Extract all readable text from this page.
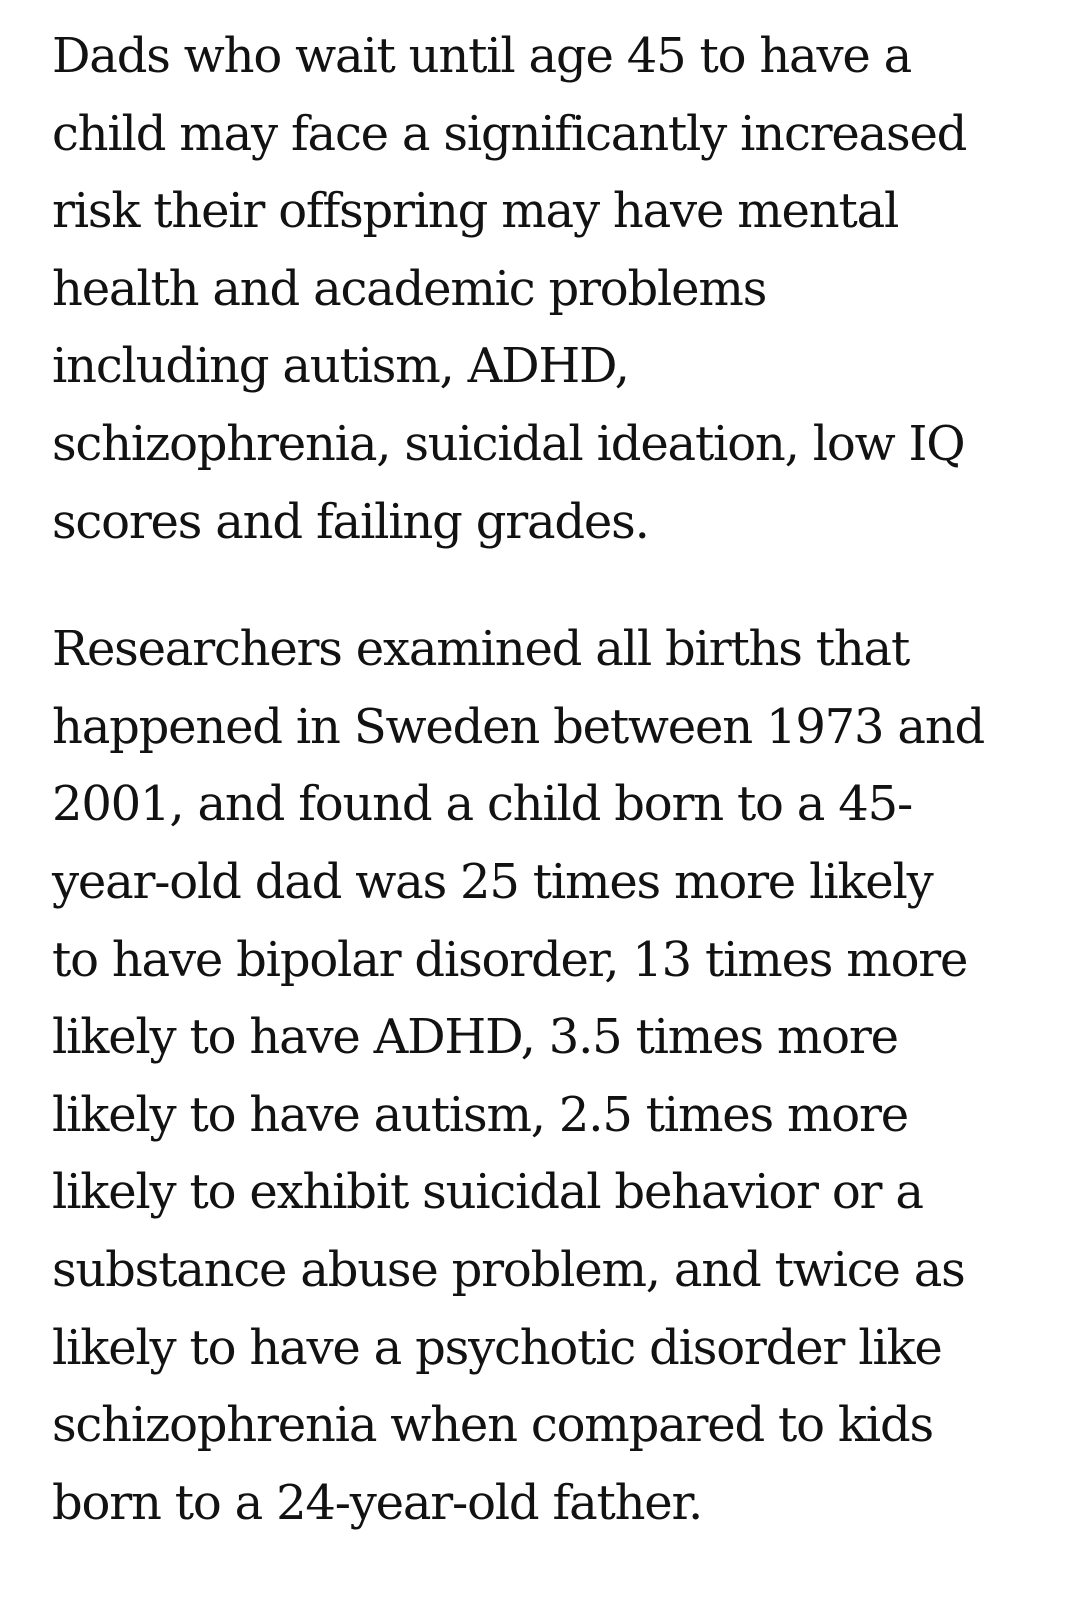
Dads who wait until age 45 to have a
child may face a significantly increased
risk their offspring may have mental
health and academic problems
including autism, ADHD,
schizophrenia, suicidal ideation, low IQ
scores and failing grades.

Researchers examined all births that
happened in Sweden between 1973 and
2001, and found a child born to a 45-
year-old dad was 25 times more likely
to have bipolar disorder, 13 times more
likely to have ADHD, 3.5 times more
likely to have autism, 2.5 times more
likely to exhibit suicidal behavior or a
substance abuse problem, and twice as
likely to have a psychotic disorder like
schizophrenia when compared to kids
born to a 24-year-old father.
